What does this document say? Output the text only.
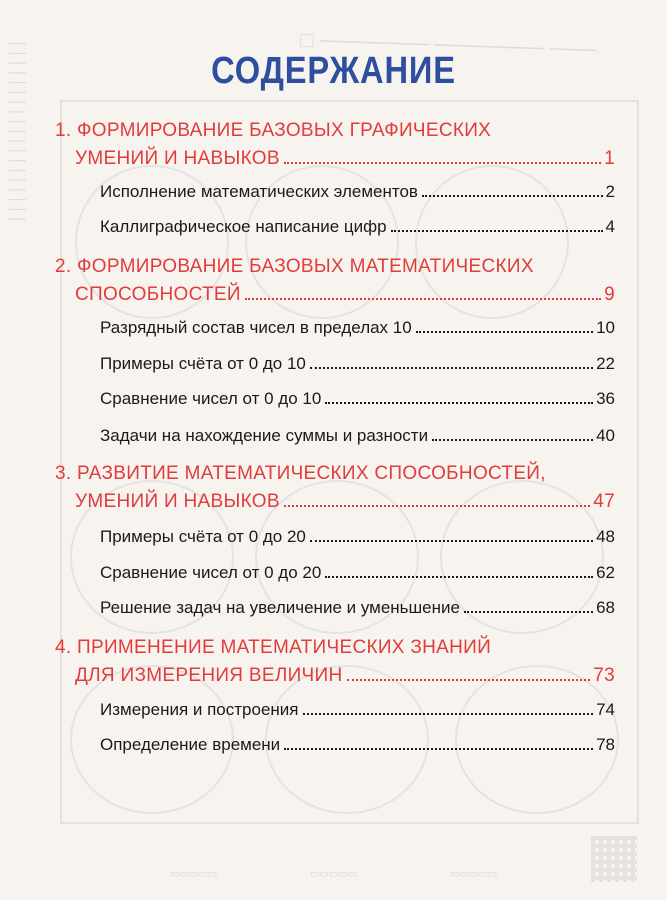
□ ─────── ─────── ───
│││││││││││││││││││
▭▭▭▭▭	▭▭▭▭▭	▭▭▭▭▭
СОДЕРЖАНИЕ
1. ФОРМИРОВАНИЕ БАЗОВЫХ ГРАФИЧЕСКИХ
УМЕНИЙ И НАВЫКОВ	1
Исполнение математических элементов	2
Каллиграфическое написание цифр	4
2. ФОРМИРОВАНИЕ БАЗОВЫХ МАТЕМАТИЧЕСКИХ
СПОСОБНОСТЕЙ	9
Разрядный состав чисел в пределах 10	10
Примеры счёта от 0 до 10	22
Сравнение чисел от 0 до 10	36
Задачи на нахождение суммы и разности	40
3. РАЗВИТИЕ МАТЕМАТИЧЕСКИХ СПОСОБНОСТЕЙ,
УМЕНИЙ И НАВЫКОВ	47
Примеры счёта от 0 до 20	48
Сравнение чисел от 0 до 20	62
Решение задач на увеличение и уменьшение	68
4. ПРИМЕНЕНИЕ МАТЕМАТИЧЕСКИХ ЗНАНИЙ
ДЛЯ ИЗМЕРЕНИЯ ВЕЛИЧИН	73
Измерения и построения	74
Определение времени	78
